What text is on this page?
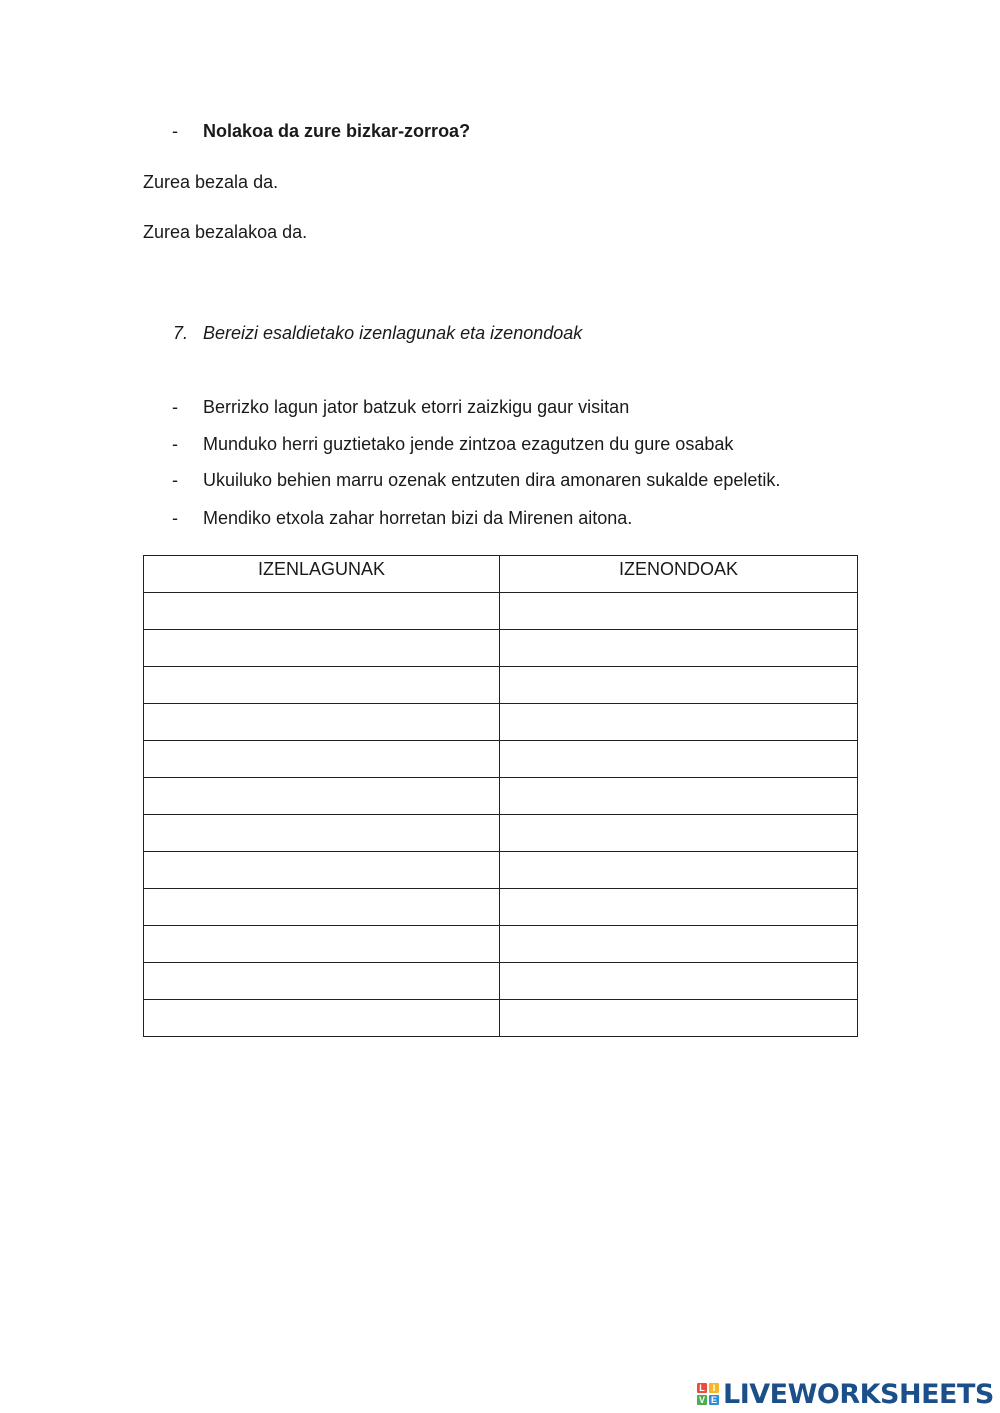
- Nolakoa da zure bizkar-zorroa?
Zurea bezala da.
Zurea bezalakoa da.
7. Bereizi esaldietako izenlagunak eta izenondoak
- Berrizko lagun jator batzuk etorri zaizkigu gaur visitan
- Munduko herri guztietako jende zintzoa ezagutzen du gure osabak
- Ukuiluko behien marru ozenak entzuten dira amonaren sukalde epeletik.
- Mendiko etxola zahar horretan bizi da Mirenen aitona.
IZENLAGUNAK	IZENONDOAK

L I
V E LIVEWORKSHEETS
